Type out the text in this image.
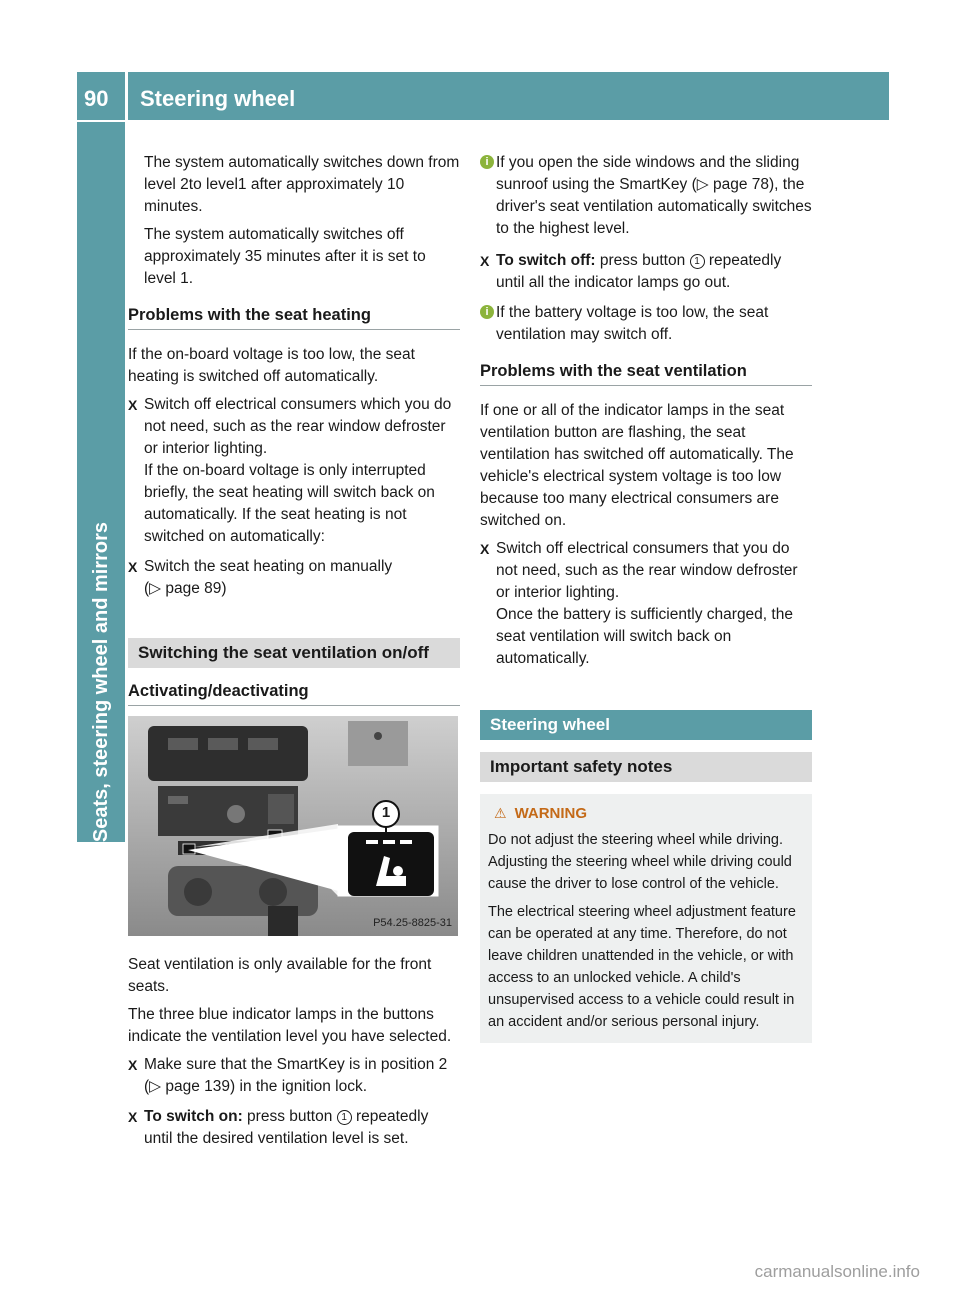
90 Steering wheel
Seats, steering wheel and mirrors

The system automatically switches down from level 2to level1 after approximately 10 minutes.

The system automatically switches off approximately 35 minutes after it is set to level 1.

Problems with the seat heating

If the on-board voltage is too low, the seat heating is switched off automatically.

X Switch off electrical consumers which you do not need, such as the rear window defroster or interior lighting.
If the on-board voltage is only interrupted briefly, the seat heating will switch back on automatically. If the seat heating is not switched on automatically:
X Switch the seat heating on manually
(▷ page 89)
Switching the seat ventilation on/off
Activating/deactivating
1
P54.25-8825-31

Seat ventilation is only available for the front seats.

The three blue indicator lamps in the buttons indicate the ventilation level you have selected.

X Make sure that the SmartKey is in position 2 (▷ page 139) in the ignition lock.
X To switch on: press button 1 repeatedly until the desired ventilation level is set.
i If you open the side windows and the sliding sunroof using the SmartKey (▷ page 78), the driver's seat ventilation automatically switches to the highest level.
X To switch off: press button 1 repeatedly until all the indicator lamps go out.
i If the battery voltage is too low, the seat ventilation may switch off.
Problems with the seat ventilation

If one or all of the indicator lamps in the seat ventilation button are flashing, the seat ventilation has switched off automatically. The vehicle's electrical system voltage is too low because too many electrical consumers are switched on.

X Switch off electrical consumers that you do not need, such as the rear window defroster or interior lighting.
Once the battery is sufficiently charged, the seat ventilation will switch back on automatically.
Steering wheel
Important safety notes
⚠ WARNING

Do not adjust the steering wheel while driving. Adjusting the steering wheel while driving could cause the driver to lose control of the vehicle.

The electrical steering wheel adjustment feature can be operated at any time. Therefore, do not leave children unattended in the vehicle, or with access to an unlocked vehicle. A child's unsupervised access to a vehicle could result in an accident and/or serious personal injury.

carmanualsonline.info
